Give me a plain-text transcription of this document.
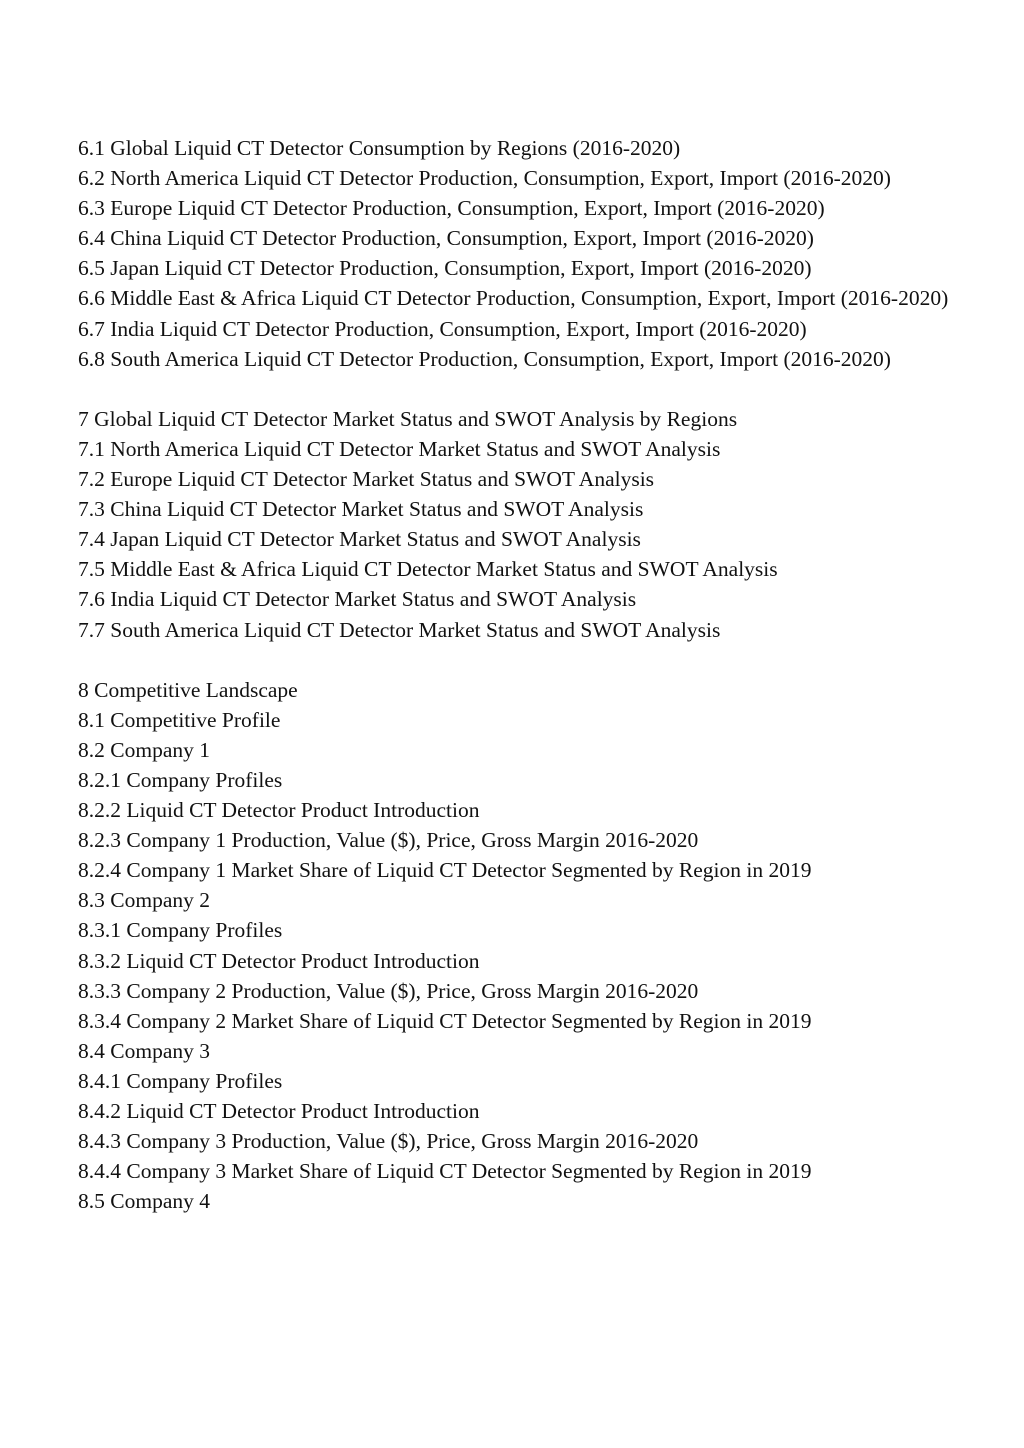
6.1 Global Liquid CT Detector Consumption by Regions (2016-2020)

6.2 North America Liquid CT Detector Production, Consumption, Export, Import (2016-2020)

6.3 Europe Liquid CT Detector Production, Consumption, Export, Import (2016-2020)

6.4 China Liquid CT Detector Production, Consumption, Export, Import (2016-2020)

6.5 Japan Liquid CT Detector Production, Consumption, Export, Import (2016-2020)

6.6 Middle East & Africa Liquid CT Detector Production, Consumption, Export, Import (2016-2020)

6.7 India Liquid CT Detector Production, Consumption, Export, Import (2016-2020)

6.8 South America Liquid CT Detector Production, Consumption, Export, Import (2016-2020)

7 Global Liquid CT Detector Market Status and SWOT Analysis by Regions

7.1 North America Liquid CT Detector Market Status and SWOT Analysis

7.2 Europe Liquid CT Detector Market Status and SWOT Analysis

7.3 China Liquid CT Detector Market Status and SWOT Analysis

7.4 Japan Liquid CT Detector Market Status and SWOT Analysis

7.5 Middle East & Africa Liquid CT Detector Market Status and SWOT Analysis

7.6 India Liquid CT Detector Market Status and SWOT Analysis

7.7 South America Liquid CT Detector Market Status and SWOT Analysis

8 Competitive Landscape

8.1 Competitive Profile

8.2 Company 1

8.2.1 Company Profiles

8.2.2 Liquid CT Detector Product Introduction

8.2.3 Company 1 Production, Value ($), Price, Gross Margin 2016-2020

8.2.4 Company 1 Market Share of Liquid CT Detector Segmented by Region in 2019

8.3 Company 2

8.3.1 Company Profiles

8.3.2 Liquid CT Detector Product Introduction

8.3.3 Company 2 Production, Value ($), Price, Gross Margin 2016-2020

8.3.4 Company 2 Market Share of Liquid CT Detector Segmented by Region in 2019

8.4 Company 3

8.4.1 Company Profiles

8.4.2 Liquid CT Detector Product Introduction

8.4.3 Company 3 Production, Value ($), Price, Gross Margin 2016-2020

8.4.4 Company 3 Market Share of Liquid CT Detector Segmented by Region in 2019

8.5 Company 4
